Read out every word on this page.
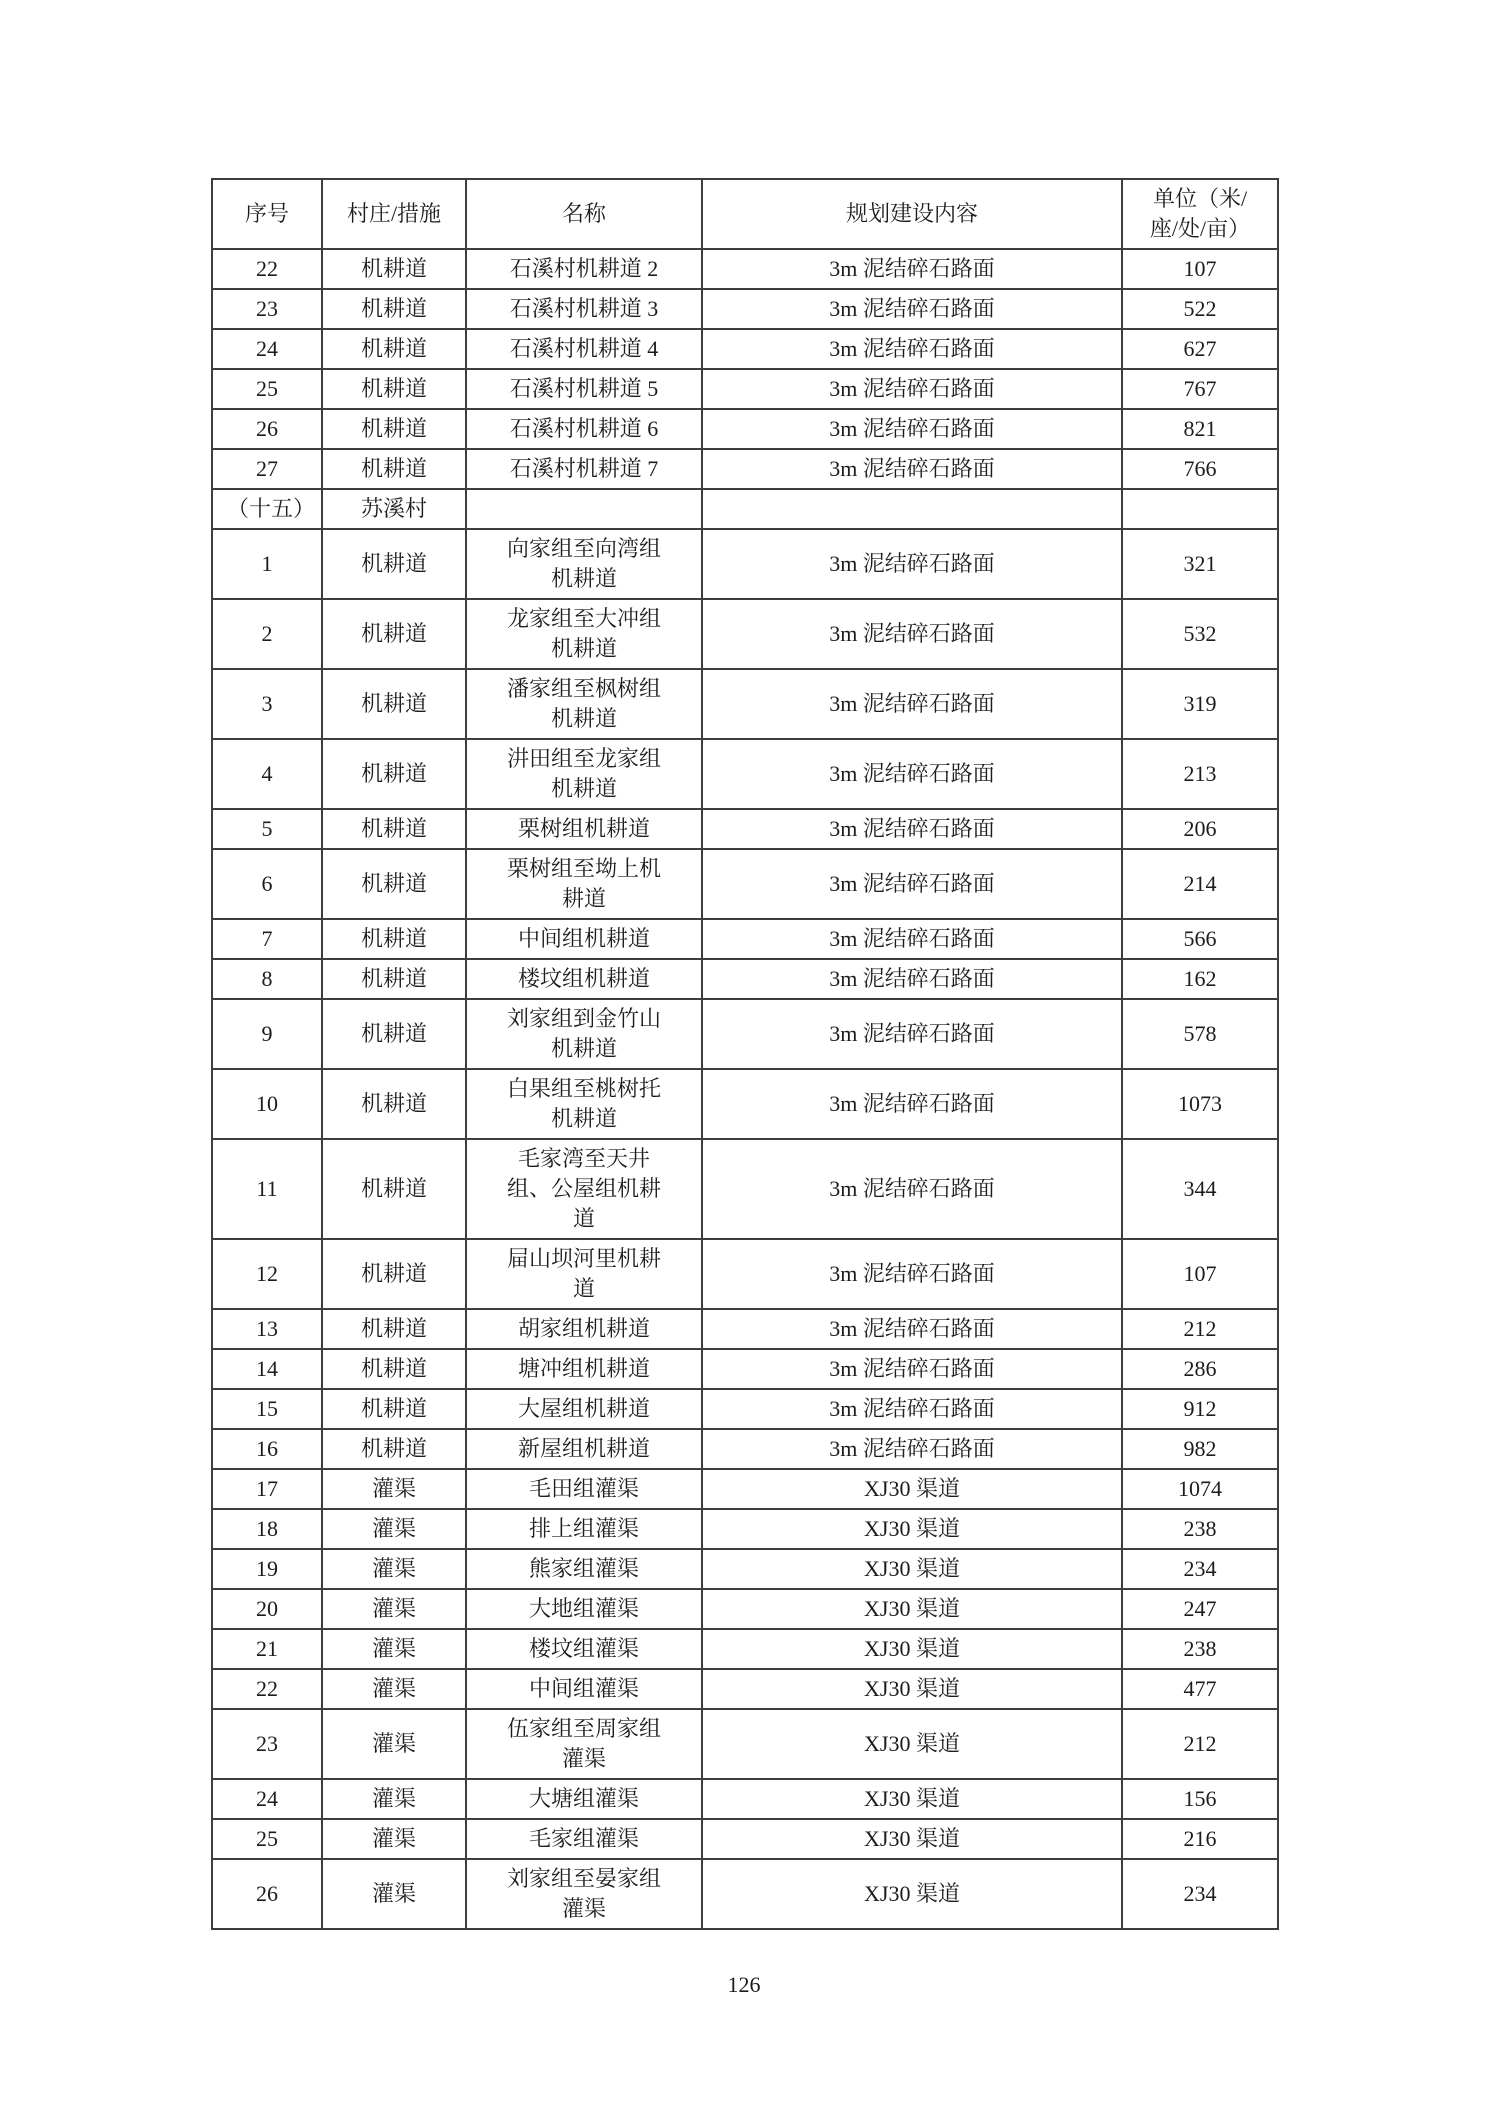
序号	村庄/措施	名称	规划建设内容	单位（米/座/处/亩）
22	机耕道	石溪村机耕道 2	3m 泥结碎石路面	107
23	机耕道	石溪村机耕道 3	3m 泥结碎石路面	522
24	机耕道	石溪村机耕道 4	3m 泥结碎石路面	627
25	机耕道	石溪村机耕道 5	3m 泥结碎石路面	767
26	机耕道	石溪村机耕道 6	3m 泥结碎石路面	821
27	机耕道	石溪村机耕道 7	3m 泥结碎石路面	766
（十五）	苏溪村			
1	机耕道	向家组至向湾组机耕道	3m 泥结碎石路面	321
2	机耕道	龙家组至大冲组机耕道	3m 泥结碎石路面	532
3	机耕道	潘家组至枫树组机耕道	3m 泥结碎石路面	319
4	机耕道	汫田组至龙家组机耕道	3m 泥结碎石路面	213
5	机耕道	栗树组机耕道	3m 泥结碎石路面	206
6	机耕道	栗树组至坳上机耕道	3m 泥结碎石路面	214
7	机耕道	中间组机耕道	3m 泥结碎石路面	566
8	机耕道	楼坟组机耕道	3m 泥结碎石路面	162
9	机耕道	刘家组到金竹山机耕道	3m 泥结碎石路面	578
10	机耕道	白果组至桃树托机耕道	3m 泥结碎石路面	1073
11	机耕道	毛家湾至天井组、公屋组机耕道	3m 泥结碎石路面	344
12	机耕道	屇山坝河里机耕道	3m 泥结碎石路面	107
13	机耕道	胡家组机耕道	3m 泥结碎石路面	212
14	机耕道	塘冲组机耕道	3m 泥结碎石路面	286
15	机耕道	大屋组机耕道	3m 泥结碎石路面	912
16	机耕道	新屋组机耕道	3m 泥结碎石路面	982
17	灌渠	毛田组灌渠	XJ30 渠道	1074
18	灌渠	排上组灌渠	XJ30 渠道	238
19	灌渠	熊家组灌渠	XJ30 渠道	234
20	灌渠	大地组灌渠	XJ30 渠道	247
21	灌渠	楼坟组灌渠	XJ30 渠道	238
22	灌渠	中间组灌渠	XJ30 渠道	477
23	灌渠	伍家组至周家组灌渠	XJ30 渠道	212
24	灌渠	大塘组灌渠	XJ30 渠道	156
25	灌渠	毛家组灌渠	XJ30 渠道	216
26	灌渠	刘家组至晏家组灌渠	XJ30 渠道	234
126
